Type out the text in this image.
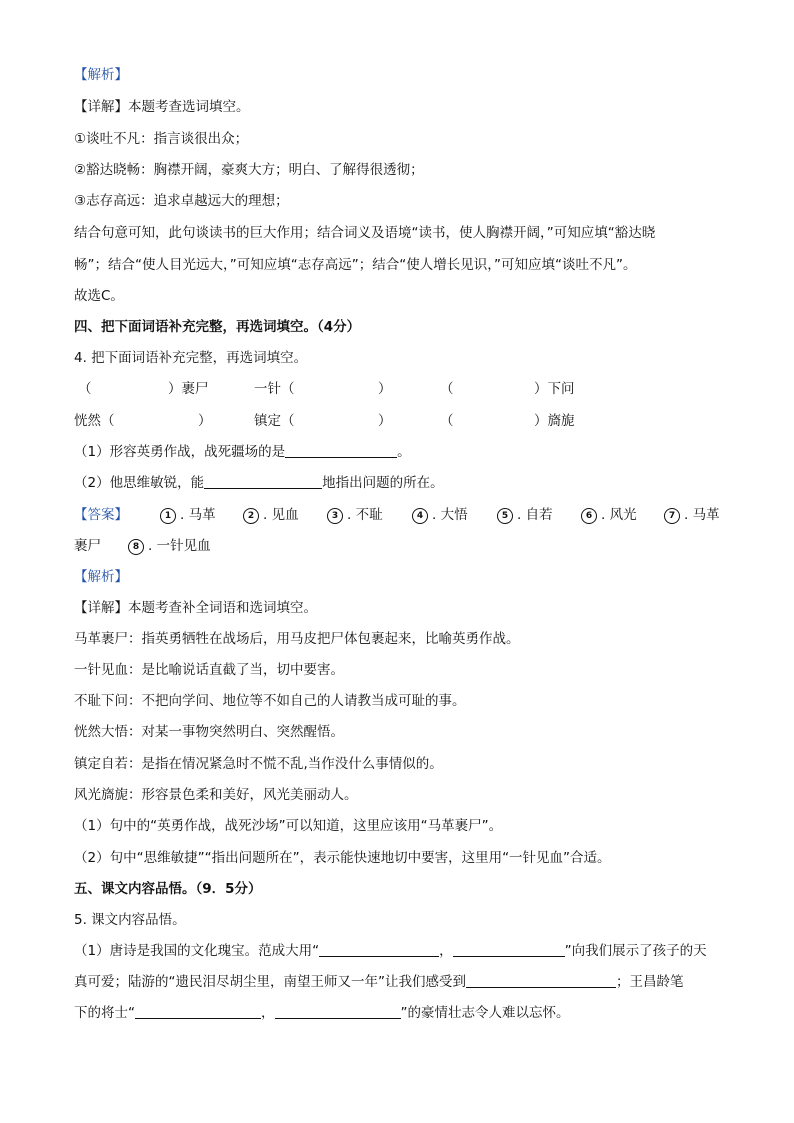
【解析】
【详解】本题考查选词填空。
①谈吐不凡：指言谈很出众；
②豁达晓畅：胸襟开阔，豪爽大方；明白、了解得很透彻；
③志存高远：追求卓越远大的理想；
结合句意可知，此句谈读书的巨大作用；结合词义及语境“读书，使人胸襟开阔，”可知应填“豁达晓
畅”；结合“使人目光远大，”可知应填“志存高远”；结合“使人增长见识，”可知应填“谈吐不凡”。
故选C。
四、把下面词语补充完整，再选词填空。（4分）
4. 把下面词语补充完整，再选词填空。
（	）裹尸	一针（	）	（	）下问
恍然（	）	镇定（	）	（	）旖旎
（1）形容英勇作战，战死疆场的是	。
（2）他思维敏锐，能	地指出问题的所在。
【答案】	1 . 马革	2 . 见血	3 . 不耻	4 . 大悟	5 . 自若	6 . 风光	7 . 马革
裹尸	8 . 一针见血
【解析】
【详解】本题考查补全词语和选词填空。
马革裹尸：指英勇牺牲在战场后，用马皮把尸体包裹起来，比喻英勇作战。
一针见血：是比喻说话直截了当，切中要害。
不耻下问：不把向学问、地位等不如自己的人请教当成可耻的事。
恍然大悟：对某一事物突然明白、突然醒悟。
镇定自若：是指在情况紧急时不慌不乱,当作没什么事情似的。
风光旖旎：形容景色柔和美好，风光美丽动人。
（1）句中的“英勇作战，战死沙场”可以知道，这里应该用“马革裹尸”。
（2）句中“思维敏捷”“指出问题所在”，表示能快速地切中要害，这里用“一针见血”合适。
五、课文内容品悟。（9．5分）
5. 课文内容品悟。
（1）唐诗是我国的文化瑰宝。范成大用“	，	”向我们展示了孩子的天
真可爱；陆游的“遗民泪尽胡尘里，南望王师又一年”让我们感受到	；王昌龄笔
下的将士“	，	”的豪情壮志令人难以忘怀。
